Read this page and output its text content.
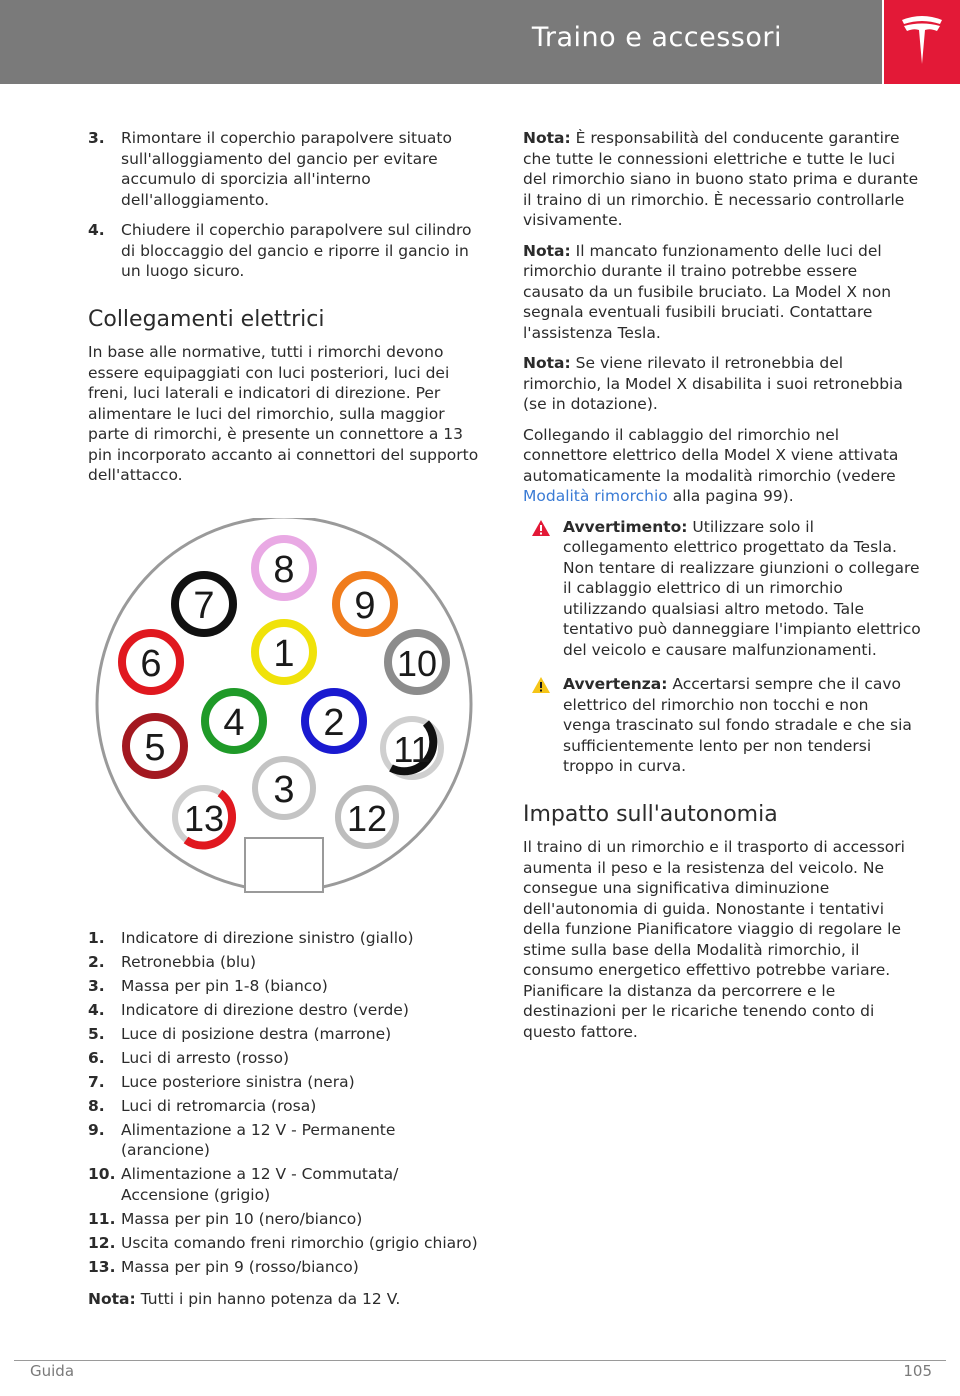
Traino e accessori
3. Rimontare il coperchio parapolvere situato sull'alloggiamento del gancio per evitare accumulo di sporcizia all'interno dell'alloggiamento.
4. Chiudere il coperchio parapolvere sul cilindro di bloccaggio del gancio e riporre il gancio in un luogo sicuro.
Collegamenti elettrici

In base alle normative, tutti i rimorchi devono essere equipaggiati con luci posteriori, luci dei freni, luci laterali e indicatori di direzione. Per alimentare le luci del rimorchio, sulla maggior parte di rimorchi, è presente un connettore a 13 pin incorporato accanto ai connettori del supporto dell'attacco.

8
7	9
6	1	10
4 2
5	11
3
13	12
1. Indicatore di direzione sinistro (giallo)
2. Retronebbia (blu)
3. Massa per pin 1-8 (bianco)
4. Indicatore di direzione destro (verde)
5. Luce di posizione destra (marrone)
6. Luci di arresto (rosso)
7. Luce posteriore sinistra (nera)
8. Luci di retromarcia (rosa)
9. Alimentazione a 12 V - Permanente (arancione)
10. Alimentazione a 12 V - Commutata/ Accensione (grigio)
11. Massa per pin 10 (nero/bianco)
12. Uscita comando freni rimorchio (grigio chiaro)
13. Massa per pin 9 (rosso/bianco)

Nota: Tutti i pin hanno potenza da 12 V.

Nota: È responsabilità del conducente garantire che tutte le connessioni elettriche e tutte le luci del rimorchio siano in buono stato prima e durante il traino di un rimorchio. È necessario controllarle visivamente.

Nota: Il mancato funzionamento delle luci del rimorchio durante il traino potrebbe essere causato da un fusibile bruciato. La Model X non segnala eventuali fusibili bruciati. Contattare l'assistenza Tesla.

Nota: Se viene rilevato il retronebbia del rimorchio, la Model X disabilita i suoi retronebbia (se in dotazione).

Collegando il cablaggio del rimorchio nel connettore elettrico della Model X viene attivata automaticamente la modalità rimorchio (vedere Modalità rimorchio alla pagina 99).

Avvertimento: Utilizzare solo il collegamento elettrico progettato da Tesla. Non tentare di realizzare giunzioni o collegare il cablaggio elettrico di un rimorchio utilizzando qualsiasi altro metodo. Tale tentativo può danneggiare l'impianto elettrico del veicolo e causare malfunzionamenti.
Avvertenza: Accertarsi sempre che il cavo elettrico del rimorchio non tocchi e non venga trascinato sul fondo stradale e che sia sufficientemente lento per non tendersi troppo in curva.
Impatto sull'autonomia

Il traino di un rimorchio e il trasporto di accessori aumenta il peso e la resistenza del veicolo. Ne consegue una significativa diminuzione dell'autonomia di guida. Nonostante i tentativi della funzione Pianificatore viaggio di regolare le stime sulla base della Modalità rimorchio, il consumo energetico effettivo potrebbe variare. Pianificare la distanza da percorrere e le destinazioni per le ricariche tenendo conto di questo fattore.

Guida	105
